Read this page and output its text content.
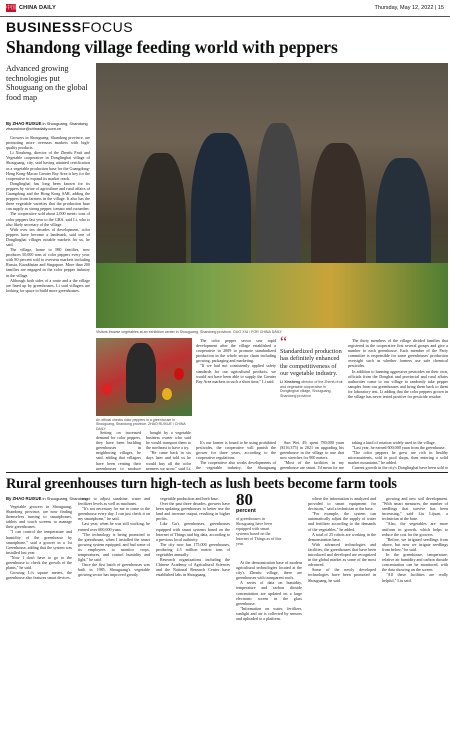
中国 CHINA DAILY	Thursday, May 12, 2022 | 15
BUSINESSFOCUS
Shandong village feeding world with peppers
Advanced growing technologies put Shouguang on the global food map
By ZHAO RUIXUE in Shouguang, Shandong
zhaoruixue@chinadaily.com.cn

Growers in Shouguang, Shandong province, are promoting more overseas markets with high-quality products.

Li Xinsheng, director of the Zhenfu Fruit and Vegetable cooperative in Donglinghai village of Shouguang, city, said having attained certification as a vegetable production base for the Guangdong-Hong Kong-Macao Greater Bay Area is key for the cooperative to expand its market reach.

Donglinghai has long been known for its peppers by virtue of agriculture and rural affairs of Guangdong and the Hong Kong SAR, adding the peppers from farmers in the village. It also has the three vegetable varieties that the production base can supply as strong pepper, tomato and cucumber.

The cooperative sold about 2,000 metric tons of color peppers last year to the GBA, said Li, who is also likely secretary of the village.

With over ten decades of development, color peppers have become a landmark, said one of Donglinghai villages notable markets for us, he said.

The village, home to 980 families, now produces 50,000 tons of color peppers every year, with 80 percent sold to overseas markets including Russia, Kazakhstan and Singapore. More than 200 families are engaged in the color pepper industry in the village.

Although both sides of a route and a the village are lined up by greenhouses, Li said villagers are looking for space to build more greenhouses.

Visitors browse vegetables at an exhibition center in Shouguang, Shandong province. GUO XIU / FOR CHINA DAILY
An official checks color peppers in a greenhouse in Shouguang, Shandong province. ZHAO RUIXUE / CHINA DAILY

Setting on increased demand for color peppers, they have been building greenhouses in neighboring villages, he said, adding that villagers have been renting their greenhouses to produce

bought by a vegetable business owner who said he would transport them to the northeast to have a try.

"He came back in six days later and told us he would buy all the color peppers we grow," said Li,

The color pepper sector saw rapid development after the village established a cooperative in 2009 to promote standardized production in the whole sector chain including growing, packaging and marketing.

"If we had not consistently applied safety standards for our agricultural products, we would not have been able to supply the Greater Bay Area markets in such a short time," Li said.

“
Standardized production has definitely enhanced the competitiveness of our vegetable industry.
Li Xinsheng director of the Zhenfu fruit and vegetable cooperative in Donglinghai village, Shouguang, Shandong province

The thirty members of the village divided families that registered in the cooperative first several groups and give a number to each greenhouse. Each member of the Party committee is responsible for some greenhouses' production oversight such as whether farmers use safe chemical pesticides.

In addition to banning aggressive pesticides on their own, officials from the Donghai and provincial and rural affairs authorities come to our village to randomly take pepper samples from our greenhouses and bring them back to them for laboratory test, Li adding that the color peppers grown in the village has never tested positive for pesticide residue.

It's our farmer is found to be using prohibited pesticides, the cooperative will punish the grower for three years, according to the cooperative regulations.

The cooperative also works developments of the vegetable industry, the Shouguang

Sun Wei, 49, spent 780,000 yuan ($116,375) in 2021 on upgrading his greenhouse in the village to one that now stretches for 900 meters.

"Most of the facilities in my greenhouse are smart. I'd mean for me

taking a kind of rotation widely used in the village.

"Last year, he earned 600,000 yuan from the greenhouse.

"The color peppers he grew are rich in healthy micronutrients, sold to pool shops, then entering a solid market mountains," he added.

Current growth in the city's Donglinghai have been sold to

Rural greenhouses turn high-tech as lush beets become farm tools
By ZHAO RUIXUE in Shouguang, Shandong

Vegetable growers in Shouguang, Shandong province, are now finding themselves turning to smartphones, tablets and touch screens to manage their greenhouses.

"I can control the temperature and humidity of the greenhouse by smartphone," said a grower in a 1st Greenhouse, adding that the system was installed last year.

"Now I don't have to go to the greenhouse to check the growth of the plants," he said.

Growing Li's square meters, the greenhouse also features smart devices.

moot to adjust sunshine, water and fertilizer levels as well as machines.

"It's not necessary for me to come to the greenhouse every day. I can just check it on my smartphone," he said.

Last year, when he was still working, he earned over 600,000 yuan.

"The technology is being promoted to the greenhouse, when I installed the smart growing system equipped, and had some of its employees to monitor crops, temperatures, and control humidity and light," he said.

Once the first batch of greenhouses was built in 1985, Shouguang's vegetable growing sector has improved greatly.

vegetable production and herb base.

Over the past three decades, growers have been updating greenhouses to better use the land and increase output, resulting in higher profits.

Like Gu's greenhouses, greenhouses equipped with smart systems based on the Internet of Things and big data, according to a previous local authority.

The city now has 175,000 greenhouses, producing 4.5 million metric tons of vegetables annually.

Research organizations including the Chinese Academy of Agricultural Sciences and the National Research Center have established labs in Shouguang.

80
percent
of greenhouses in Shouguang have been equipped with smart systems based on the Internet of Things as of this year.

At the demonstration base of modern agricultural technologies located at the city's Zhenfu village, there are greenhouses with transparent roofs.

A series of data on humidity, temperature and carbon dioxide concentration are updated on a large electronic screen in the glass greenhouse.

"Information on water, fertilizer, sunlight and air is collected by sensors and uploaded to a platform.

where the information is analyzed and provided to smart equipment for decisions," said a technician at the base.

"For example, the system can automatically adjust the supply of water and fertilizer according to the demands of the vegetables," he added.

A total of 25 robots are working in the demonstration base.

With advanced technologies and facilities, the greenhouses that have been introduced and developed are recognized in the global market as some of the most advanced.

Some of the newly developed technologies have been promoted in Shouguang, he said.

growing and new soil development. "With smart measures, the number of seedlings that survive has been increasing," said Liu Lijuan, a technician at the base.

"Also, the vegetables are more uniform in growth, which helps to reduce the cost for the growers.

"Before, we irrigated seedlings from above, but now we irrigate seedlings from below," he said.

In the greenhouse, temperature, relative air humidity and carbon dioxide concentration can be monitored, with the data showing on the screen.

"All these facilities are really helpful," Liu said.
